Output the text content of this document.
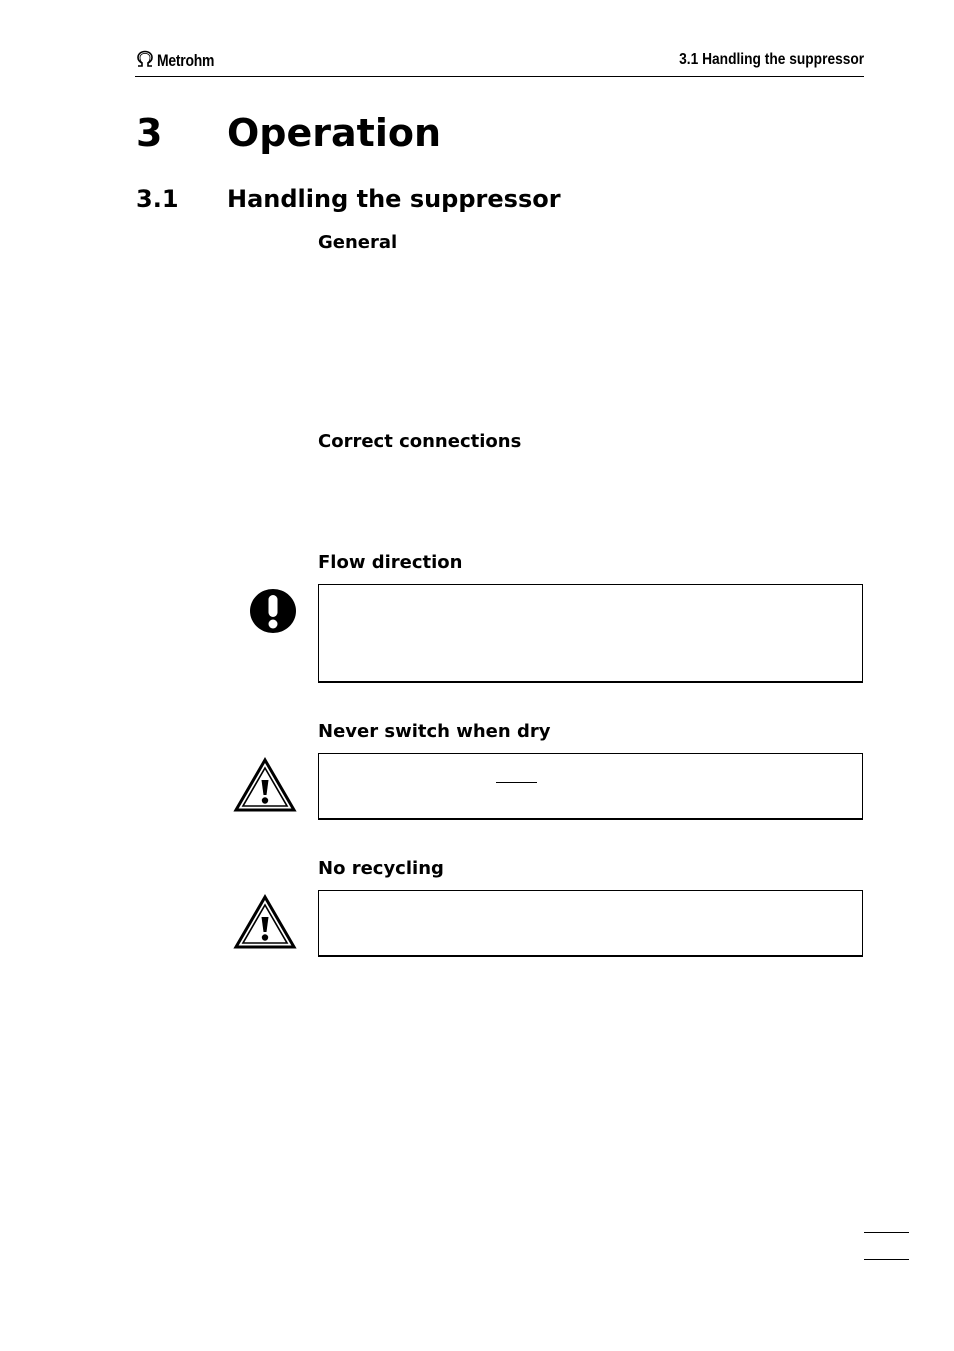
Metrohm	3.1 Handling the suppressor
3 Operation
3.1 Handling the suppressor
General
Correct connections
Flow direction
Never switch when dry
No recycling
